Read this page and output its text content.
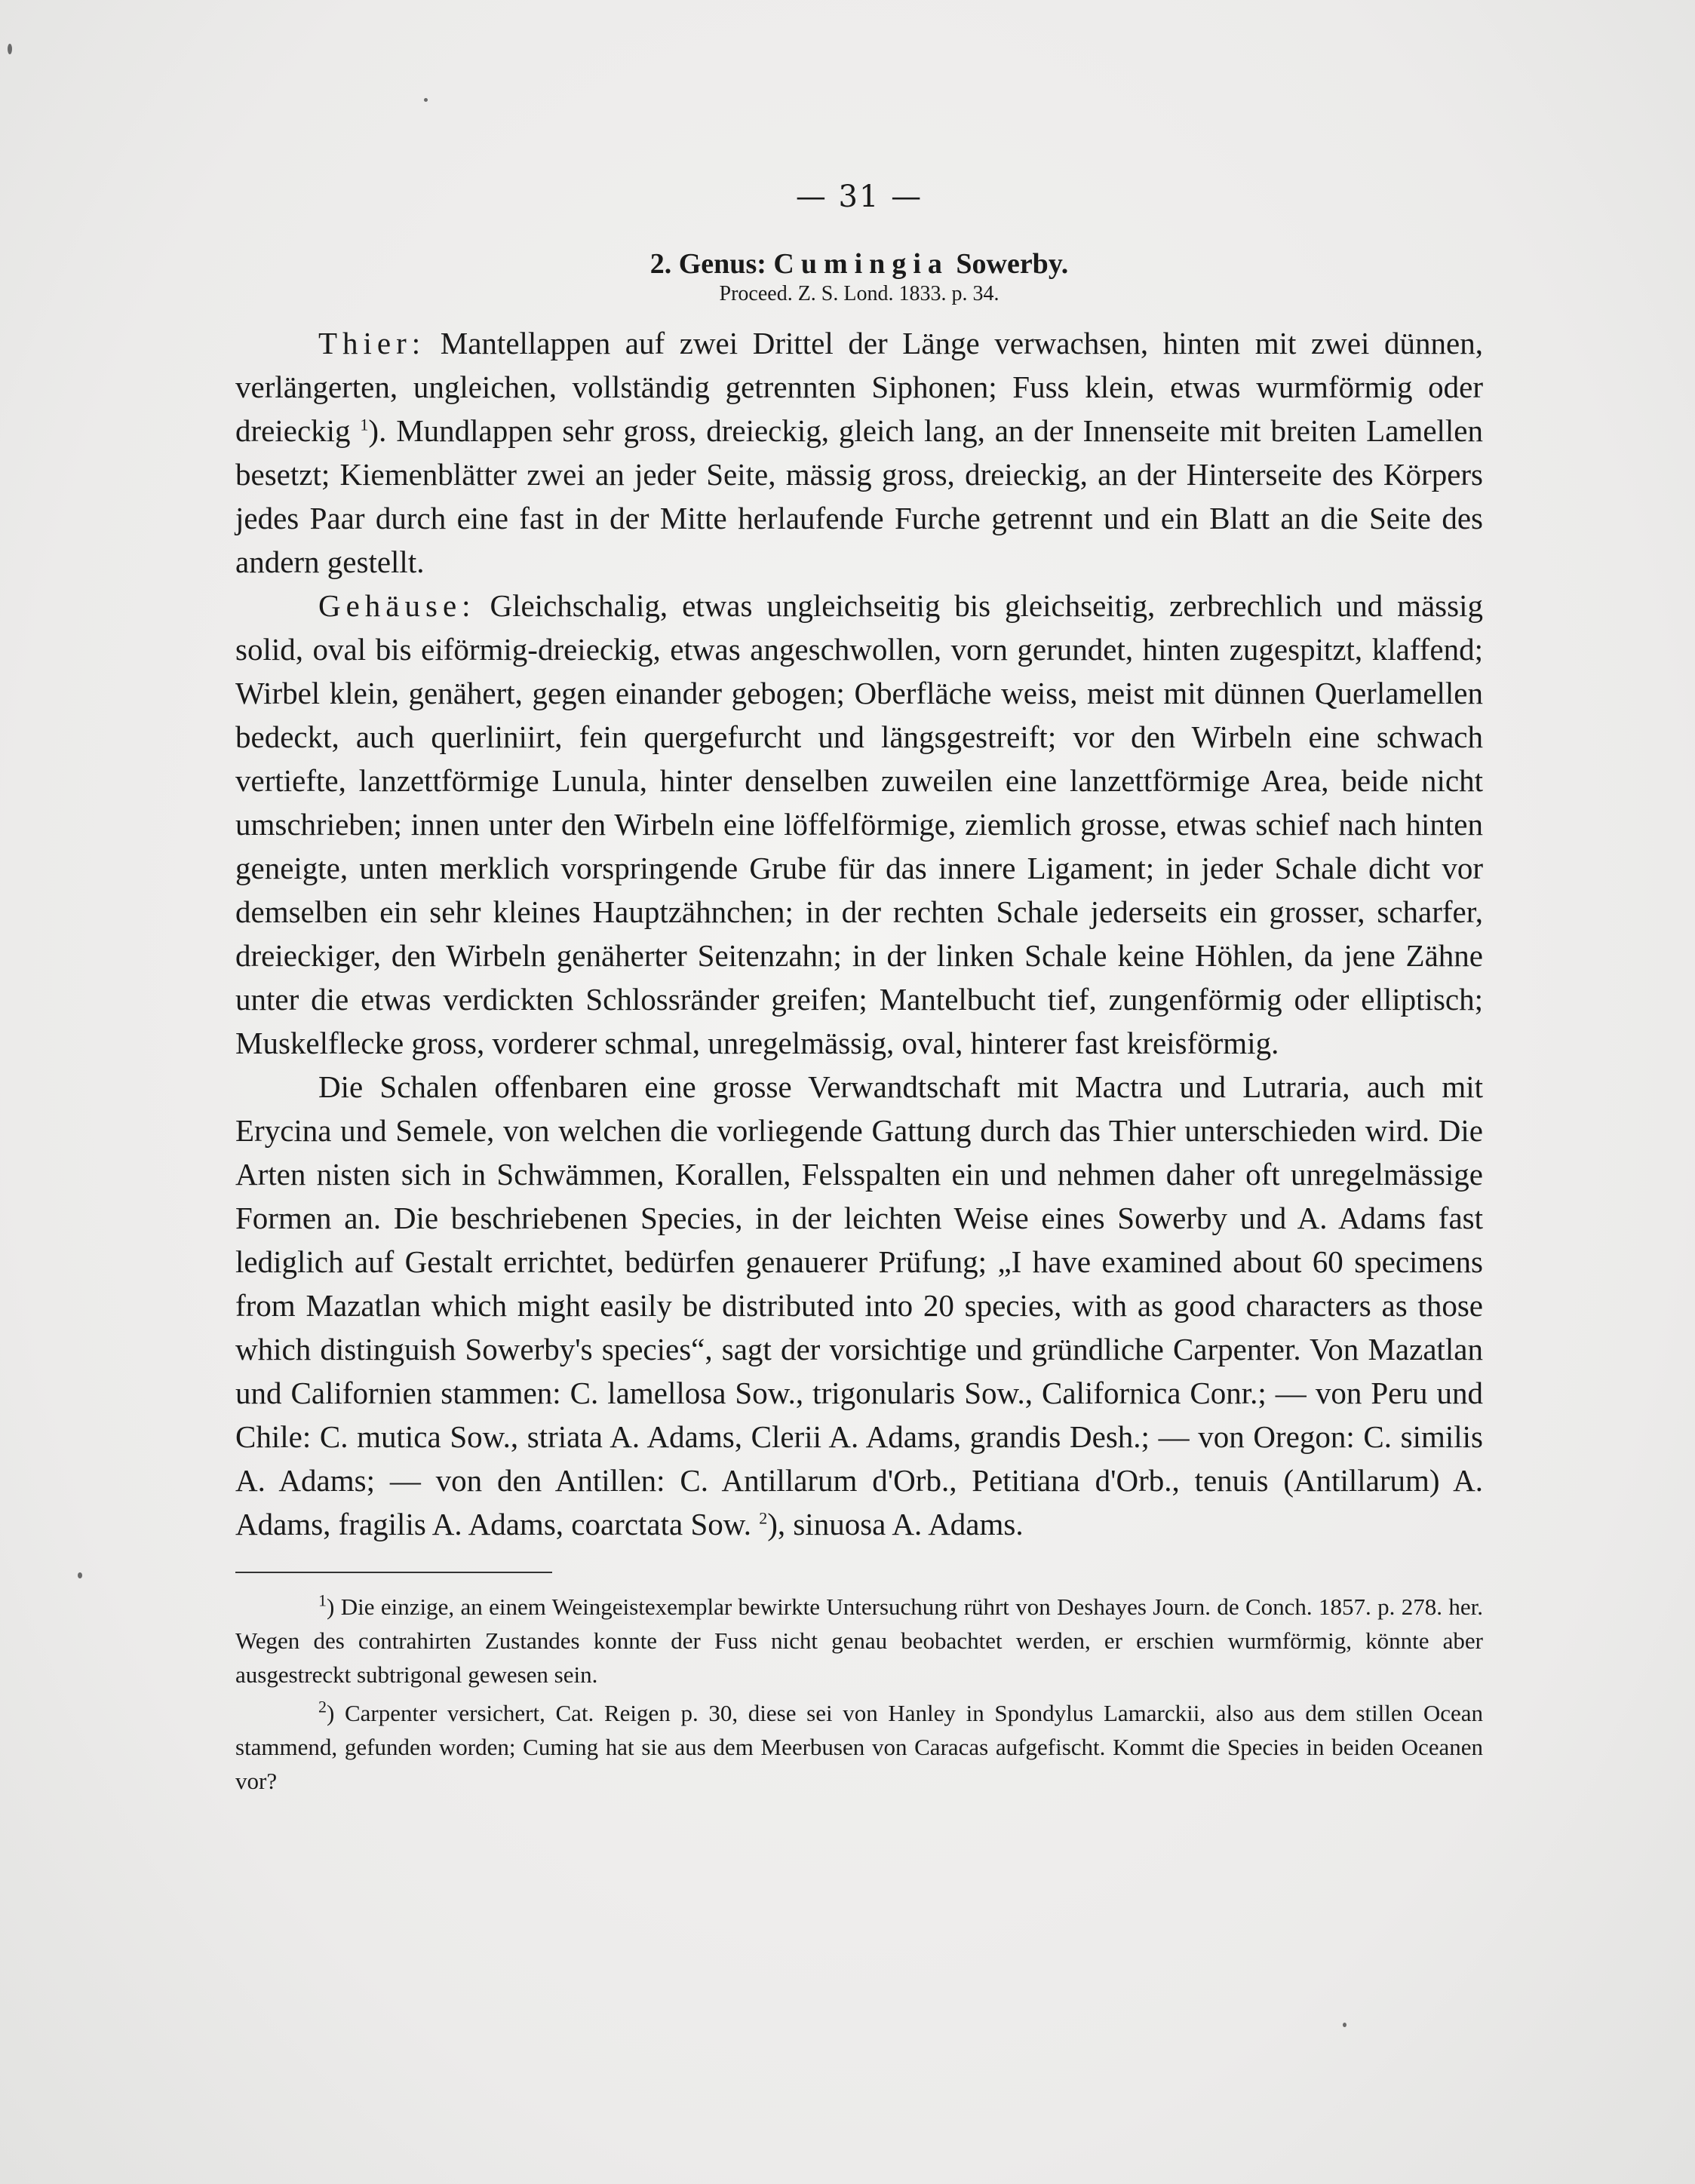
— 31 —
2. Genus: Cumingia Sowerby.
Proceed. Z. S. Lond. 1833. p. 34.

Thier: Mantellappen auf zwei Drittel der Länge verwachsen, hinten mit zwei dünnen, verlängerten, ungleichen, vollständig getrennten Siphonen; Fuss klein, etwas wurmförmig oder dreieckig $^1$). Mundlappen sehr gross, dreieckig, gleich lang, an der Innenseite mit breiten Lamellen besetzt; Kiemenblätter zwei an jeder Seite, mässig gross, dreieckig, an der Hinterseite des Körpers jedes Paar durch eine fast in der Mitte herlaufende Furche getrennt und ein Blatt an die Seite des andern gestellt.

Gehäuse: Gleichschalig, etwas ungleichseitig bis gleichseitig, zerbrechlich und mässig solid, oval bis eiförmig-dreieckig, etwas angeschwollen, vorn gerundet, hinten zugespitzt, klaffend; Wirbel klein, genähert, gegen einander gebogen; Oberfläche weiss, meist mit dünnen Querlamellen bedeckt, auch querliniirt, fein quergefurcht und längsgestreift; vor den Wirbeln eine schwach vertiefte, lanzettförmige Lunula, hinter denselben zuweilen eine lanzettförmige Area, beide nicht umschrieben; innen unter den Wirbeln eine löffelförmige, ziemlich grosse, etwas schief nach hinten geneigte, unten merklich vorspringende Grube für das innere Ligament; in jeder Schale dicht vor demselben ein sehr kleines Hauptzähnchen; in der rechten Schale jederseits ein grosser, scharfer, dreieckiger, den Wirbeln genäherter Seitenzahn; in der linken Schale keine Höhlen, da jene Zähne unter die etwas verdickten Schlossränder greifen; Mantelbucht tief, zungenförmig oder elliptisch; Muskelflecke gross, vorderer schmal, unregelmässig, oval, hinterer fast kreisförmig.

Die Schalen offenbaren eine grosse Verwandtschaft mit Mactra und Lutraria, auch mit Erycina und Semele, von welchen die vorliegende Gattung durch das Thier unterschieden wird. Die Arten nisten sich in Schwämmen, Korallen, Felsspalten ein und nehmen daher oft unregelmässige Formen an. Die beschriebenen Species, in der leichten Weise eines Sowerby und A. Adams fast lediglich auf Gestalt errichtet, bedürfen genauerer Prüfung; „I have examined about 60 specimens from Mazatlan which might easily be distributed into 20 species, with as good characters as those which distinguish Sowerby's species“, sagt der vorsichtige und gründliche Carpenter. Von Mazatlan und Californien stammen: C. lamellosa Sow., trigonularis Sow., Californica Conr.; — von Peru und Chile: C. mutica Sow., striata A. Adams, Clerii A. Adams, grandis Desh.; — von Oregon: C. similis A. Adams; — von den Antillen: C. Antillarum d'Orb., Petitiana d'Orb., tenuis (Antillarum) A. Adams, fragilis A. Adams, coarctata Sow. $^2$), sinuosa A. Adams.

$^1$) Die einzige, an einem Weingeistexemplar bewirkte Untersuchung rührt von Deshayes Journ. de Conch. 1857. p. 278. her. Wegen des contrahirten Zustandes konnte der Fuss nicht genau beobachtet werden, er erschien wurmförmig, könnte aber ausgestreckt subtrigonal gewesen sein.

$^2$) Carpenter versichert, Cat. Reigen p. 30, diese sei von Hanley in Spondylus Lamarckii, also aus dem stillen Ocean stammend, gefunden worden; Cuming hat sie aus dem Meerbusen von Caracas aufgefischt. Kommt die Species in beiden Oceanen vor?
